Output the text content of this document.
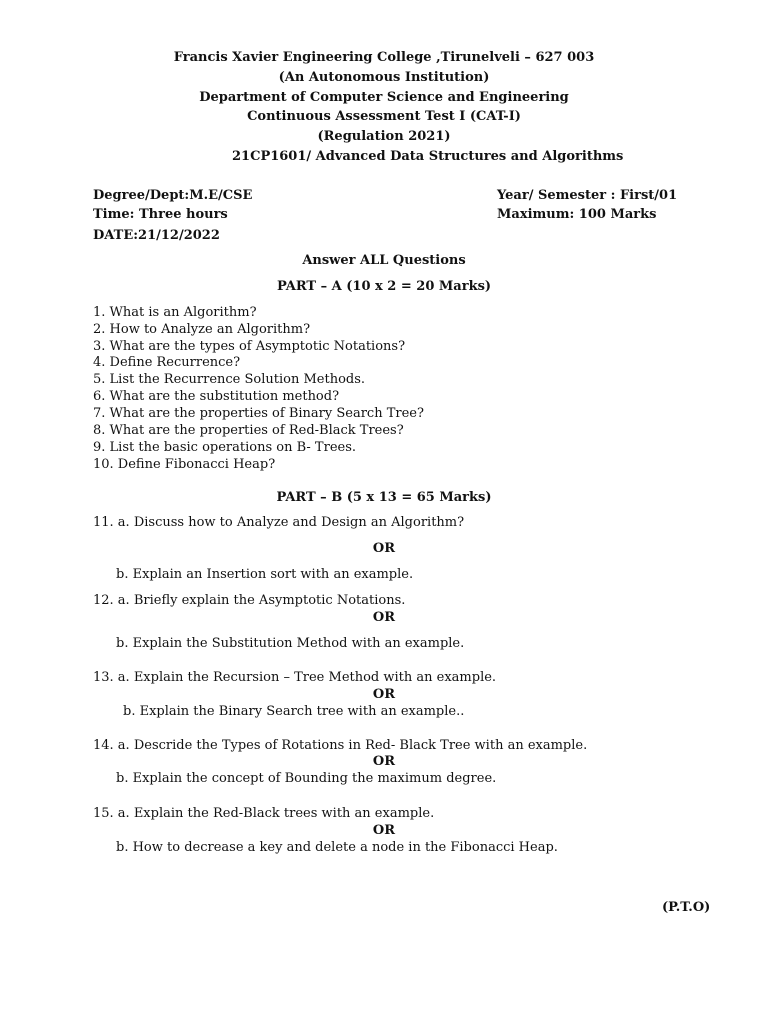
Francis Xavier Engineering College ,Tirunelveli – 627 003
(An Autonomous Institution)
Department of Computer Science and Engineering
Continuous Assessment Test I (CAT-I)
(Regulation 2021)
21CP1601/ Advanced Data Structures and Algorithms
Degree/Dept:M.E/CSE
Time: Three hours
DATE:21/12/2022
Year/ Semester : First/01
Maximum: 100 Marks
Answer ALL Questions
PART – A (10 x 2 = 20 Marks)
1. What is an Algorithm?
2. How to Analyze an Algorithm?
3. What are the types of Asymptotic Notations?
4. Define Recurrence?
5. List the Recurrence Solution Methods.
6. What are the substitution method?
7. What are the properties of Binary Search Tree?
8. What are the properties of Red-Black Trees?
9. List the basic operations on B- Trees.
10. Define Fibonacci Heap?
PART – B (5 x 13 = 65 Marks)
11. a. Discuss how to Analyze and Design an Algorithm?
OR
b. Explain an Insertion sort with an example.
12. a. Briefly explain the Asymptotic Notations.
OR
b. Explain the Substitution Method with an example.
13. a. Explain the Recursion – Tree Method with an example.
OR
b. Explain the Binary Search tree with an example..
14. a. Descride the Types of Rotations in Red- Black Tree with an example.
OR
b. Explain the concept of Bounding the maximum degree.
15. a. Explain the Red-Black trees with an example.
OR
b. How to decrease a key and delete a node in the Fibonacci Heap.
(P.T.O)
